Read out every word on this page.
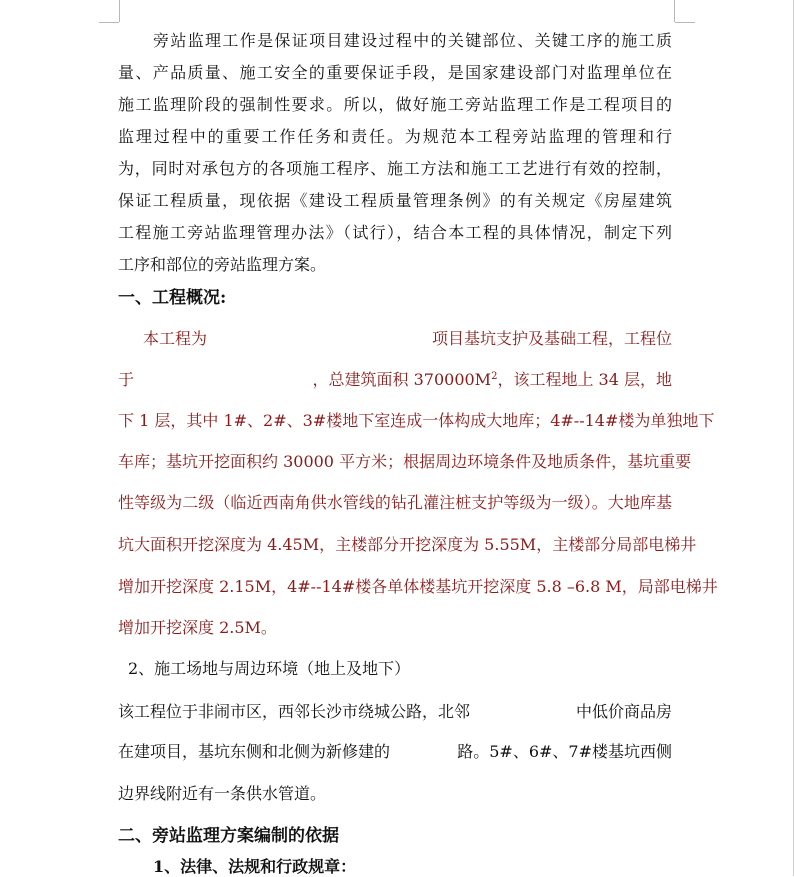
旁站监理工作是保证项目建设过程中的关键部位、关键工序的施工质
量、产品质量、施工安全的重要保证手段，是国家建设部门对监理单位在
施工监理阶段的强制性要求。所以，做好施工旁站监理工作是工程项目的
监理过程中的重要工作任务和责任。为规范本工程旁站监理的管理和行
为，同时对承包方的各项施工程序、施工方法和施工工艺进行有效的控制，
保证工程质量，现依据《建设工程质量管理条例》的有关规定《房屋建筑
工程施工旁站监理管理办法》（试行），结合本工程的具体情况，制定下列
工序和部位的旁站监理方案。
一、工程概况:
本工程为	项目基坑支护及基础工程，工程位
于	，总建筑面积 $370000M^2$，该工程地上 34 层，地
下 1 层，其中 1#、2#、3#楼地下室连成一体构成大地库；4#--14#楼为单独地下
车库；基坑开挖面积约 30000 平方米；根据周边环境条件及地质条件，基坑重要
性等级为二级（临近西南角供水管线的钻孔灌注桩支护等级为一级）。大地库基
坑大面积开挖深度为 4.45M，主楼部分开挖深度为 5.55M，主楼部分局部电梯井
增加开挖深度 2.15M，4#--14#楼各单体楼基坑开挖深度 5.8 –6.8 M，局部电梯井
增加开挖深度 2.5M。
2、施工场地与周边环境（地上及地下）
该工程位于非闹市区，西邻长沙市绕城公路，北邻	中低价商品房
在建项目，基坑东侧和北侧为新修建的	路。5#、6#、7#楼基坑西侧
边界线附近有一条供水管道。
二、旁站监理方案编制的依据
1、法律、法规和行政规章：
